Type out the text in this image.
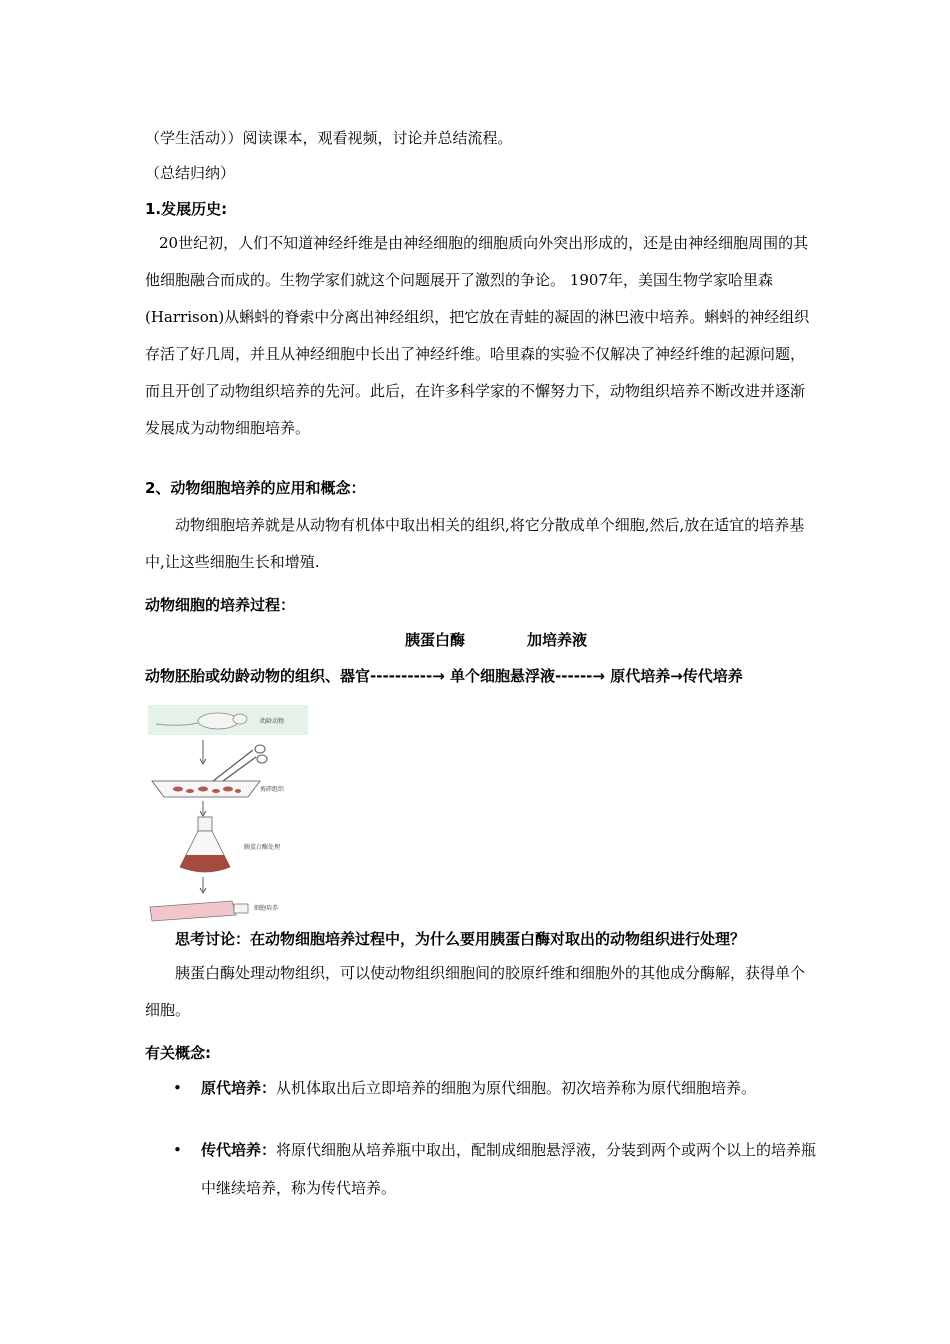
（学生活动））阅读课本，观看视频，讨论并总结流程。
（总结归纳）
1.发展历史:
20世纪初，人们不知道神经纤维是由神经细胞的细胞质向外突出形成的，还是由神经细胞周围的其他细胞融合而成的。生物学家们就这个问题展开了激烈的争论。 1907年，美国生物学家哈里森(Harrison)从蝌蚪的脊索中分离出神经组织，把它放在青蛙的凝固的淋巴液中培养。蝌蚪的神经组织存活了好几周，并且从神经细胞中长出了神经纤维。哈里森的实验不仅解决了神经纤维的起源问题，而且开创了动物组织培养的先河。此后，在许多科学家的不懈努力下，动物组织培养不断改进并逐渐发展成为动物细胞培养。
2、动物细胞培养的应用和概念：
动物细胞培养就是从动物有机体中取出相关的组织,将它分散成单个细胞,然后,放在适宜的培养基中,让这些细胞生长和增殖.
动物细胞的培养过程：
胰蛋白酶	加培养液
动物胚胎或幼龄动物的组织、器官----------→ 单个细胞悬浮液------→ 原代培养→传代培养
幼龄动物
剪碎组织
胰蛋白酶处理
细胞培养
思考讨论：在动物细胞培养过程中，为什么要用胰蛋白酶对取出的动物组织进行处理？
胰蛋白酶处理动物组织，可以使动物组织细胞间的胶原纤维和细胞外的其他成分酶解，获得单个细胞。
有关概念:
• 原代培养：从机体取出后立即培养的细胞为原代细胞。初次培养称为原代细胞培养。
• 传代培养：将原代细胞从培养瓶中取出，配制成细胞悬浮液，分装到两个或两个以上的培养瓶中继续培养，称为传代培养。
